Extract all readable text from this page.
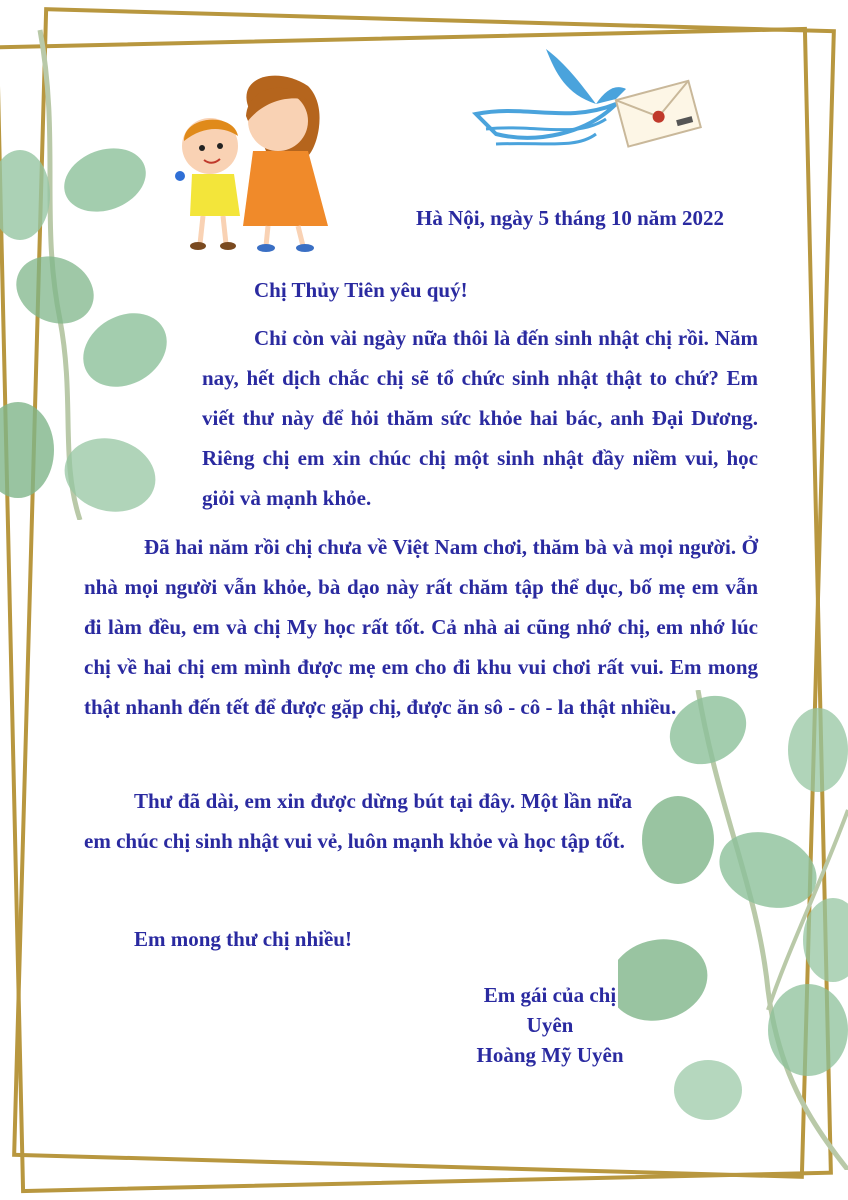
Hà Nội, ngày 5 tháng 10 năm 2022

Chị Thủy Tiên yêu quý!

Chỉ còn vài ngày nữa thôi là đến sinh nhật chị rồi. Năm nay, hết dịch chắc chị sẽ tổ chức sinh nhật thật to chứ? Em viết thư này để hỏi thăm sức khỏe hai bác, anh Đại Dương. Riêng chị em xin chúc chị một sinh nhật đầy niềm vui, học giỏi và mạnh khỏe.

Đã hai năm rồi chị chưa về Việt Nam chơi, thăm bà và mọi người. Ở nhà mọi người vẫn khỏe, bà dạo này rất chăm tập thể dục, bố mẹ em vẫn đi làm đều, em và chị My học rất tốt. Cả nhà ai cũng nhớ chị, em nhớ lúc chị về hai chị em mình được mẹ em cho đi khu vui chơi rất vui. Em mong thật nhanh đến tết để được gặp chị, được ăn sô - cô - la thật nhiều.

Thư đã dài, em xin được dừng bút tại đây. Một lần nữa em chúc chị sinh nhật vui vẻ, luôn mạnh khỏe và học tập tốt.

Em mong thư chị nhiều!

Em gái của chị
Uyên
Hoàng Mỹ Uyên
